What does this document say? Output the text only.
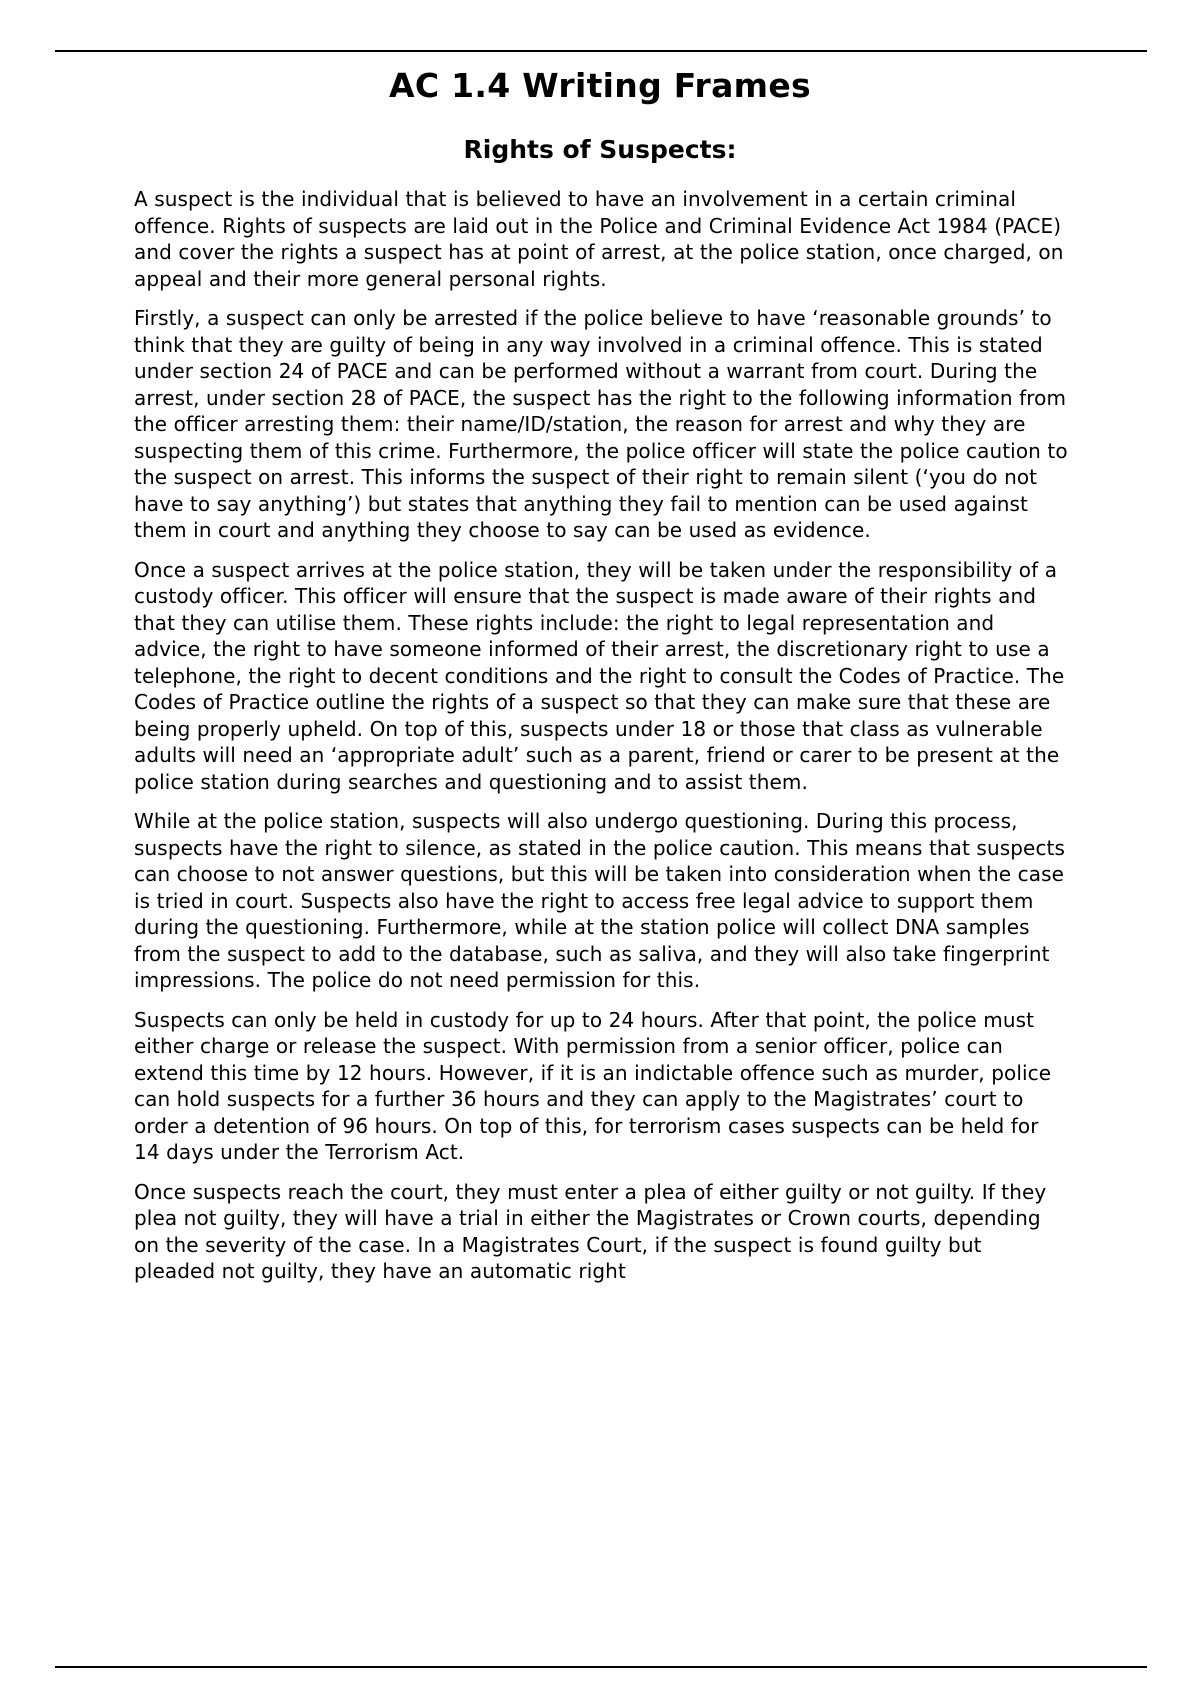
AC 1.4 Writing Frames
Rights of Suspects:

A suspect is the individual that is believed to have an involvement in a certain criminal offence. Rights of suspects are laid out in the Police and Criminal Evidence Act 1984 (PACE) and cover the rights a suspect has at point of arrest, at the police station, once charged, on appeal and their more general personal rights.

Firstly, a suspect can only be arrested if the police believe to have ‘reasonable grounds’ to think that they are guilty of being in any way involved in a criminal offence. This is stated under section 24 of PACE and can be performed without a warrant from court. During the arrest, under section 28 of PACE, the suspect has the right to the following information from the officer arresting them: their name/ID/station, the reason for arrest and why they are suspecting them of this crime. Furthermore, the police officer will state the police caution to the suspect on arrest. This informs the suspect of their right to remain silent (‘you do not have to say anything’) but states that anything they fail to mention can be used against them in court and anything they choose to say can be used as evidence.

Once a suspect arrives at the police station, they will be taken under the responsibility of a custody officer. This officer will ensure that the suspect is made aware of their rights and that they can utilise them. These rights include: the right to legal representation and advice, the right to have someone informed of their arrest, the discretionary right to use a telephone, the right to decent conditions and the right to consult the Codes of Practice. The Codes of Practice outline the rights of a suspect so that they can make sure that these are being properly upheld. On top of this, suspects under 18 or those that class as vulnerable adults will need an ‘appropriate adult’ such as a parent, friend or carer to be present at the police station during searches and questioning and to assist them.

While at the police station, suspects will also undergo questioning. During this process, suspects have the right to silence, as stated in the police caution. This means that suspects can choose to not answer questions, but this will be taken into consideration when the case is tried in court. Suspects also have the right to access free legal advice to support them during the questioning. Furthermore, while at the station police will collect DNA samples from the suspect to add to the database, such as saliva, and they will also take fingerprint impressions. The police do not need permission for this.

Suspects can only be held in custody for up to 24 hours. After that point, the police must either charge or release the suspect. With permission from a senior officer, police can extend this time by 12 hours. However, if it is an indictable offence such as murder, police can hold suspects for a further 36 hours and they can apply to the Magistrates’ court to order a detention of 96 hours. On top of this, for terrorism cases suspects can be held for 14 days under the Terrorism Act.

Once suspects reach the court, they must enter a plea of either guilty or not guilty. If they plea not guilty, they will have a trial in either the Magistrates or Crown courts, depending on the severity of the case. In a Magistrates Court, if the suspect is found guilty but pleaded not guilty, they have an automatic right
